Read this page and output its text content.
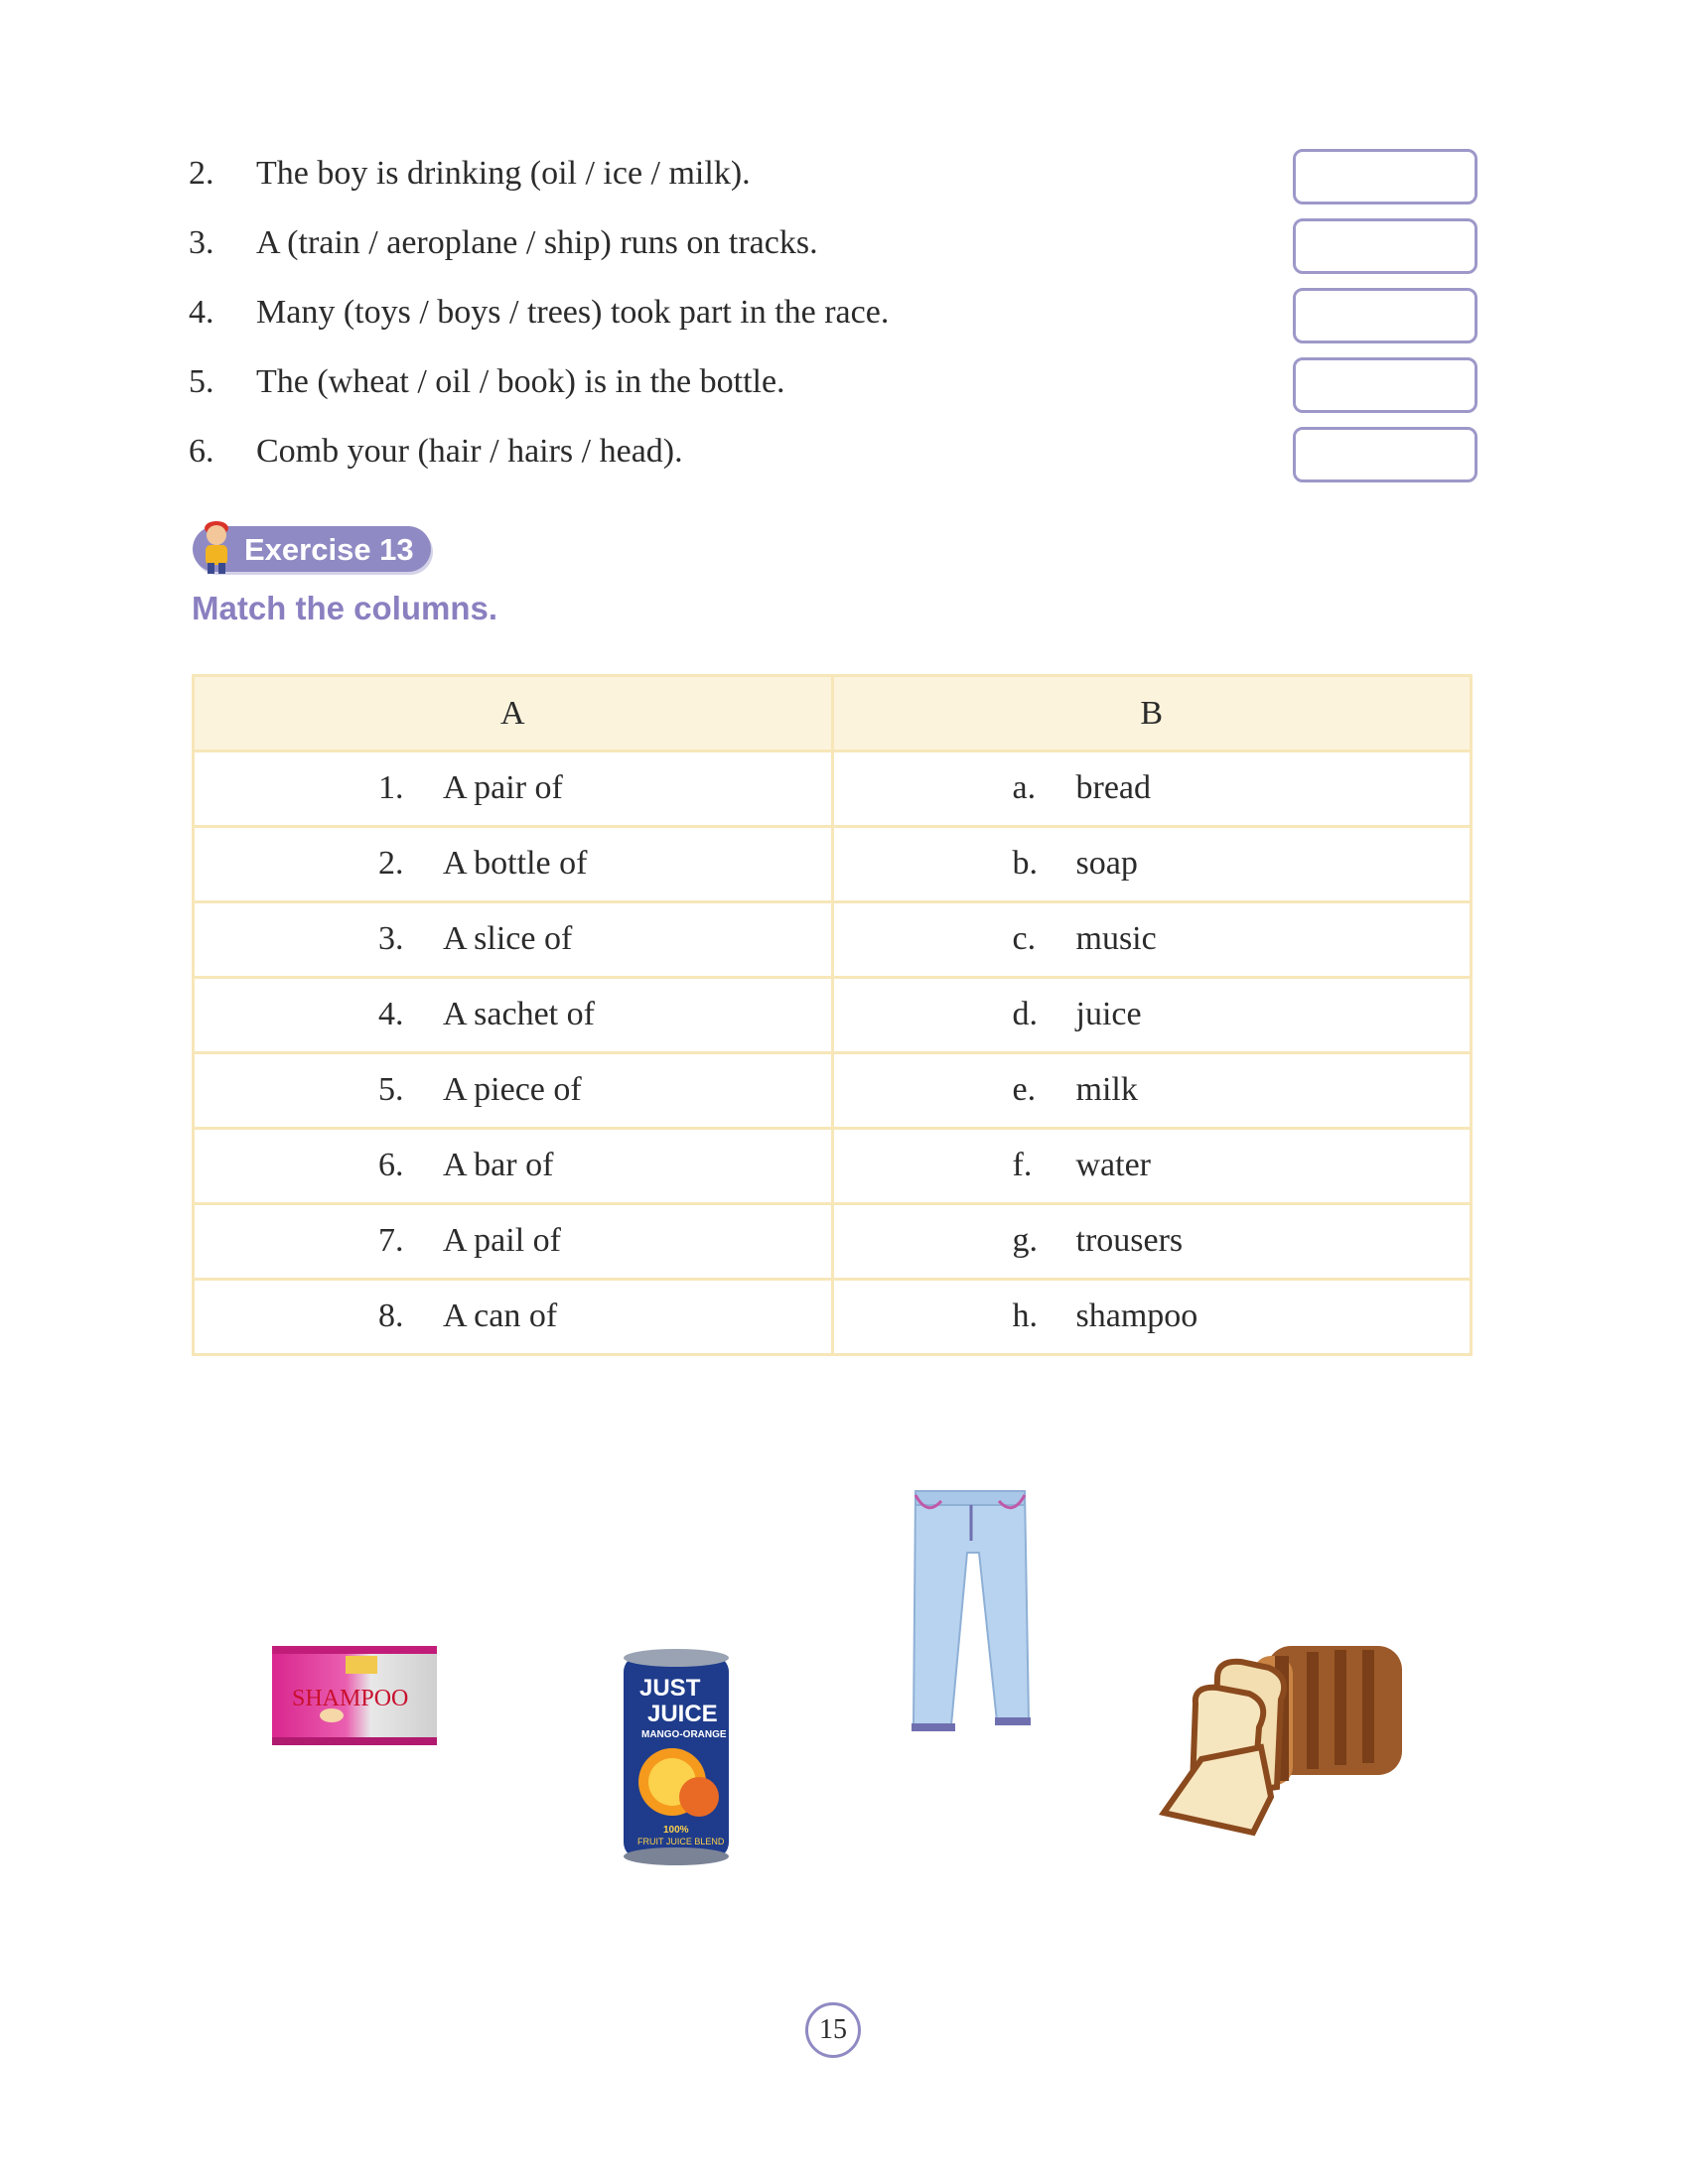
2. The boy is drinking (oil / ice / milk).
3. A (train / aeroplane / ship) runs on tracks.
4. Many (toys / boys / trees) took part in the race.
5. The (wheat / oil / book) is in the bottle.
6. Comb your (hair / hairs / head).
Exercise 13
Match the columns.
A	B

1. A pair of	a. bread

2. A bottle of	b. soap

3. A slice of	c. music

4. A sachet of	d. juice

5. A piece of	e. milk

6. A bar of	f. water

7. A pail of	g. trousers

8. A can of	h. shampoo
SHAMPOO	JUST
JUICE
MANGO-ORANGE
100%
FRUIT JUICE BLEND
15
